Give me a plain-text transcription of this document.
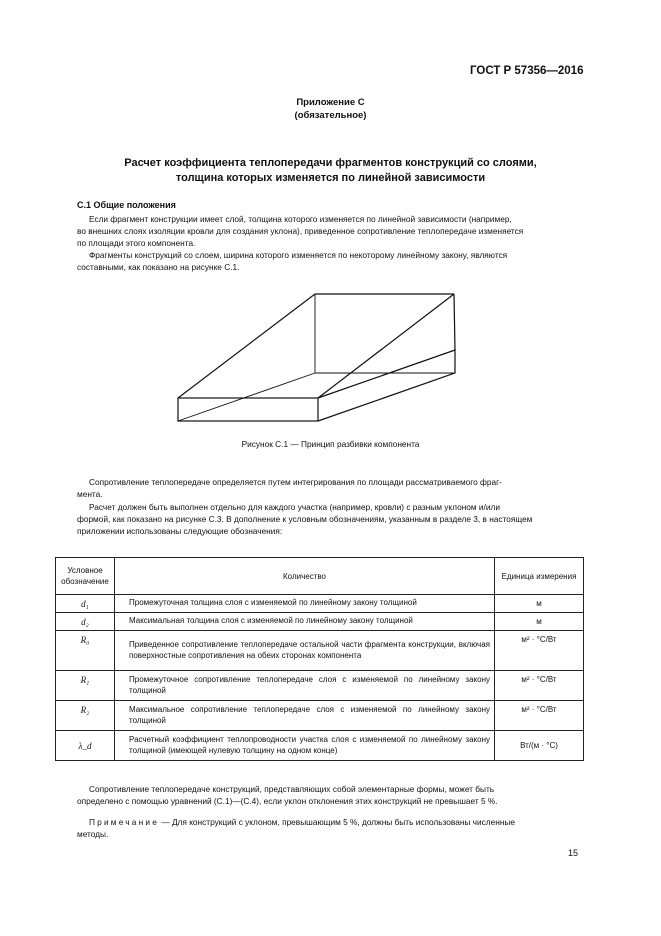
ГОСТ Р 57356—2016
Приложение С
(обязательное)
Расчет коэффициента теплопередачи фрагментов конструкций со слоями,
толщина которых изменяется по линейной зависимости
С.1 Общие положения
Если фрагмент конструкции имеет слой, толщина которого изменяется по линейной зависимости (например,
во внешних слоях изоляции кровли для создания уклона), приведенное сопротивление теплопередаче изменяется
по площади этого компонента.
Фрагменты конструкций со слоем, ширина которого изменяется по некоторому линейному закону, являются
составными, как показано на рисунке С.1.
Рисунок С.1 — Принцип разбивки компонента
Сопротивление теплопередаче определяется путем интегрирования по площади рассматриваемого фраг-
мента.
Расчет должен быть выполнен отдельно для каждого участка (например, кровли) с разным уклоном и/или
формой, как показано на рисунке С.3. В дополнение к условным обозначениям, указанным в разделе 3, в настоящем
приложении использованы следующие обозначения:
Условное обозначение	Количество	Единица измерения
d₁	Промежуточная толщина слоя с изменяемой по линейному закону толщиной	м
d₂	Максимальная толщина слоя с изменяемой по линейному закону толщиной	м
R₀	Приведенное сопротивление теплопередаче остальной части фрагмента конструкции, включая поверхностные сопротивления на обеих сторонах компонента	м² · °С/Вт
R₁	Промежуточное сопротивление теплопередаче слоя с изменяемой по линейному закону толщиной	м² · °С/Вт
R₂	Максимальное сопротивление теплопередаче слоя с изменяемой по линейному закону толщиной	м² · °С/Вт
λ_d	Расчетный коэффициент теплопроводности участка слоя с изменяемой по линейному закону толщиной (имеющей нулевую толщину на одном конце)	Вт/(м · °С)
Сопротивление теплопередаче конструкций, представляющих собой элементарные формы, может быть
определено с помощью уравнений (С.1)—(С.4), если уклон отклонения этих конструкций не превышает 5 %.
Примечание — Для конструкций с уклоном, превышающим 5 %, должны быть использованы численные
методы.
15
